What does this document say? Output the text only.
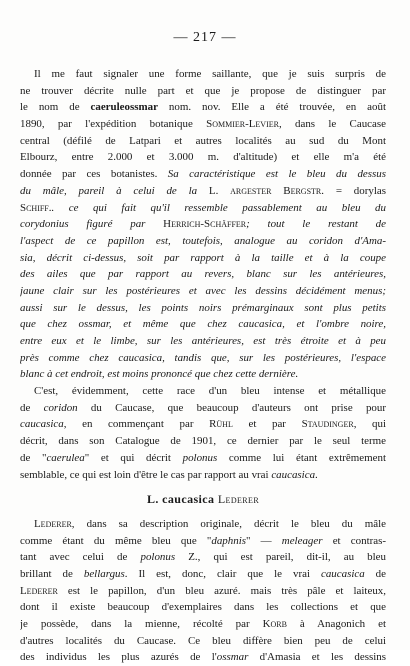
— 217 —
Il me faut signaler une forme saillante, que je suis surpris de
ne trouver décrite nulle part et que je propose de distinguer par
le nom de caeruleossmar nom. nov. Elle a été trouvée, en août
1890, par l'expédition botanique Sommier-Levier, dans le Caucase
central (défilé de Latpari et autres localités au sud du Mont
Elbourz, entre 2.000 et 3.000 m. d'altitude) et elle m'a été
donnée par ces botanistes. Sa caractéristique est le bleu du dessus
du mâle, pareil à celui de la L. argester Bergstr. = dorylas
Schiff.. ce qui fait qu'il ressemble passablement au bleu du
corydonius figuré par Herrich-Schäffer; tout le restant de
l'aspect de ce papillon est, toutefois, analogue au coridon d'Ama-
sia, décrit ci-dessus, soit par rapport à la taille et à la coupe
des ailes que par rapport au revers, blanc sur les antérieures,
jaune clair sur les postérieures et avec les dessins décidément menus;
aussi sur le dessus, les points noirs prémarginaux sont plus petits
que chez ossmar, et même que chez caucasica, et l'ombre noire,
entre eux et le limbe, sur les antérieures, est très étroite et à peu
près comme chez caucasica, tandis que, sur les postérieures, l'espace
blanc à cet endroit, est moins prononcé que chez cette dernière.
C'est, évidemment, cette race d'un bleu intense et métallique
de coridon du Caucase, que beaucoup d'auteurs ont prise pour
caucasica, en commençant par Rühl et par Staudinger, qui
décrit, dans son Catalogue de 1901, ce dernier par le seul terme
de "caerulea" et qui décrit polonus comme lui étant extrêmement
semblable, ce qui est loin d'être le cas par rapport au vrai caucasica.
L. caucasica Lederer
Lederer, dans sa description originale, décrit le bleu du mâle
comme étant du même bleu que "daphnis" — meleager et contras-
tant avec celui de polonus Z., qui est pareil, dit-il, au bleu
brillant de bellargus. Il est, donc, clair que le vrai caucasica de
Lederer est le papillon, d'un bleu azuré. mais très pâle et laiteux,
dont il existe beaucoup d'exemplaires dans les collections et que
je possède, dans la mienne, récolté par Korb à Anagonich et
d'autres localités du Caucase. Ce bleu diffère bien peu de celui
des individus les plus azurés de l'ossmar d'Amasia et les dessins
